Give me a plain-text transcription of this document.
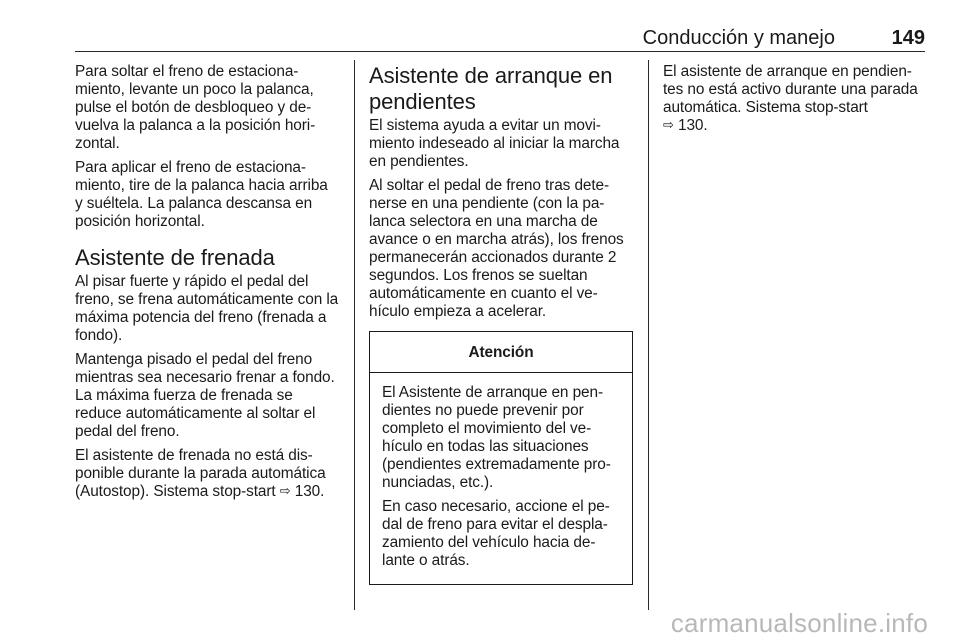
Conducción y manejo	149

Para soltar el freno de estaciona-miento, levante un poco la palanca, pulse el botón de desbloqueo y de-vuelva la palanca a la posición hori-zontal.

Para aplicar el freno de estaciona-miento, tire de la palanca hacia arriba y suéltela. La palanca descansa en posición horizontal.

Asistente de frenada

Al pisar fuerte y rápido el pedal del freno, se frena automáticamente con la máxima potencia del freno (frenada a fondo).

Mantenga pisado el pedal del freno mientras sea necesario frenar a fondo. La máxima fuerza de frenada se reduce automáticamente al soltar el pedal del freno.

El asistente de frenada no está dis-ponible durante la parada automática (Autostop). Sistema stop-start ⇨ 130.

Asistente de arranque en pendientes

El sistema ayuda a evitar un movi-miento indeseado al iniciar la marcha en pendientes.

Al soltar el pedal de freno tras dete-nerse en una pendiente (con la pa-lanca selectora en una marcha de avance o en marcha atrás), los frenos permanecerán accionados durante 2 segundos. Los frenos se sueltan automáticamente en cuanto el ve-hículo empieza a acelerar.

Atención

El Asistente de arranque en pen-dientes no puede prevenir por completo el movimiento del ve-hículo en todas las situaciones (pendientes extremadamente pro-nunciadas, etc.).

En caso necesario, accione el pe-dal de freno para evitar el despla-zamiento del vehículo hacia de-lante o atrás.

El asistente de arranque en pendien-tes no está activo durante una parada automática. Sistema stop-start
⇨ 130.

carmanualsonline.info
